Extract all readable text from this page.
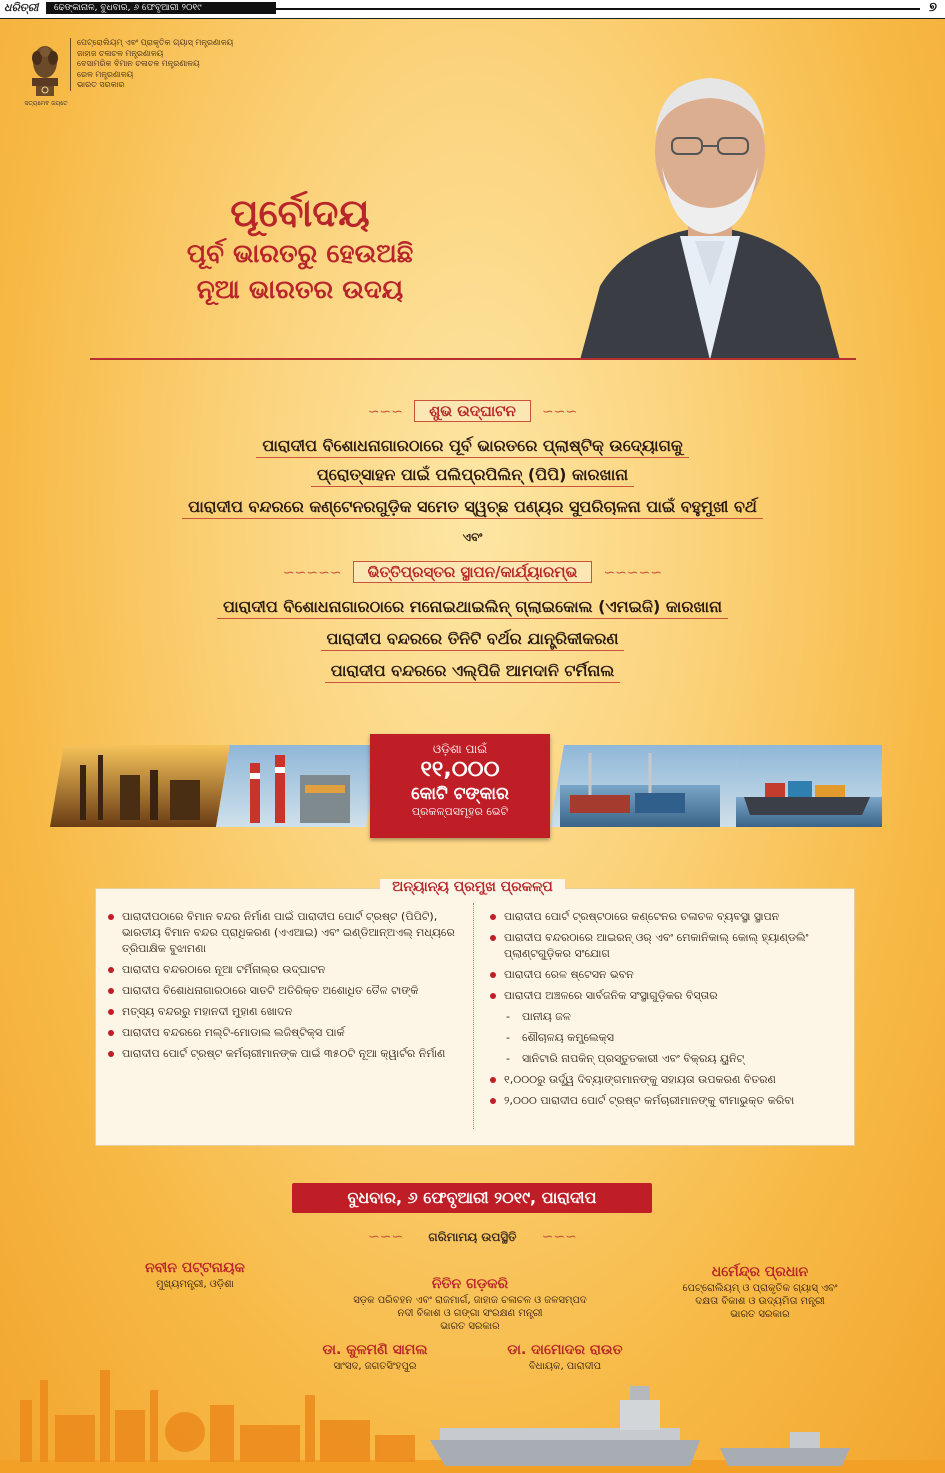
ଧରିତ୍ରୀ	ଢେଙ୍କାନାଳ, ବୁଧବାର, ୬ ଫେବୃଆରୀ ୨୦୧୯	୭
ସତ୍ୟମେବ ଜୟତେ
ପେଟ୍ରୋଲିୟମ୍ ଏବଂ ପ୍ରାକୃତିକ ଗ୍ୟାସ୍ ମନ୍ତ୍ରଣାଳୟ
ଜାହାଜ ଚଳାଚଳ ମନ୍ତ୍ରଣାଳୟ
ବେସାମରିକ ବିମାନ ଚଳାଚଳ ମନ୍ତ୍ରଣାଳୟ
ରେଳ ମନ୍ତ୍ରଣାଳୟ
ଭାରତ ସରକାର
ପୂର୍ବୋଦୟ
ପୂର୍ବ ଭାରତରୁ ହେଉଅଛି
ନୂଆ ଭାରତର ଉଦୟ
∽∽∽ ଶୁଭ ଉଦ୍‌ଘାଟନ ∽∽∽
ପାରାଦୀପ ବିଶୋଧନାଗାରଠାରେ ପୂର୍ବ ଭାରତରେ ପ୍ଲାଷ୍ଟିକ୍ ଉଦ୍ୟୋଗକୁ
ପ୍ରୋତ୍ସାହନ ପାଇଁ ପଲିପ୍ରପିଲିନ୍ (ପିପି) କାରଖାନା
ପାରାଦୀପ ବନ୍ଦରରେ କଣ୍ଟେନରଗୁଡ଼ିକ ସମେତ ସ୍ୱଚ୍ଛ ପଣ୍ୟର ସୁପରିଚାଳନା ପାଇଁ ବହୁମୁଖୀ ବର୍ଥ
ଏବଂ
∽∽∽∽∽ ଭିତ୍ତିପ୍ରସ୍ତର ସ୍ଥାପନ/କାର୍ଯ୍ୟାରମ୍ଭ ∽∽∽∽∽
ପାରାଦୀପ ବିଶୋଧନାଗାରଠାରେ ମନୋଇଥାଇଲିନ୍ ଗ୍ଲାଇକୋଲ (ଏମଇଜି) କାରଖାନା
ପାରାଦୀପ ବନ୍ଦରରେ ତିନିଟି ବର୍ଥର ଯାନ୍ତ୍ରିକୀକରଣ
ପାରାଦୀପ ବନ୍ଦରରେ ଏଲ୍‌ପିଜି ଆମଦାନି ଟର୍ମିନାଲ
ଓଡ଼ିଶା ପାଇଁ
୧୧,୦୦୦
କୋଟି ଟଙ୍କାର
ପ୍ରକଳ୍ପସମୂହର ଭେଟି
ପାରାଦୀପଠାରେ ବିମାନ ବନ୍ଦର ନିର୍ମାଣ ପାଇଁ ପାରାଦୀପ ପୋର୍ଟ ଟ୍ରଷ୍ଟ (ପିପିଟି), ଭାରତୀୟ ବିମାନ ବନ୍ଦର ପ୍ରାଧିକରଣ (ଏଏଆଇ) ଏବଂ ଇଣ୍ଡିଆନ୍‌ଅଏଲ୍ ମଧ୍ୟରେ ତ୍ରିପାକ୍ଷିକ ବୁଝାମଣା
ପାରାଦୀପ ବନ୍ଦରଠାରେ ନୂଆ ଟର୍ମିନାଲ୍‌ର ଉଦ୍‌ଘାଟନ
ପାରାଦୀପ ବିଶୋଧନାଗାରଠାରେ ସାତଟି ଅତିରିକ୍ତ ଅଶୋଧିତ ତୈଳ ଟାଙ୍କି
ମତ୍ସ୍ୟ ବନ୍ଦରରୁ ମହାନଦୀ ମୁହାଣ ଖୋଦନ
ପାରାଦୀପ ବନ୍ଦରରେ ମଲ୍ଟି-ମୋଡାଲ ଲଜିଷ୍ଟିକ୍ସ ପାର୍କ
ପାରାଦୀପ ପୋର୍ଟ ଟ୍ରଷ୍ଟ କର୍ମଚାରୀମାନଙ୍କ ପାଇଁ ୩୫୦ଟି ନୂଆ କ୍ୱାର୍ଟର ନିର୍ମାଣ
ପାରାଦୀପ ପୋର୍ଟ ଟ୍ରଷ୍ଟଠାରେ କଣ୍ଟେନର ଚଳାଚଳ ବ୍ୟବସ୍ଥା ସ୍ଥାପନ
ପାରାଦୀପ ବନ୍ଦରଠାରେ ଆଇରନ୍ ଓର୍ ଏବଂ ମେକାନିକାଲ୍ କୋଲ୍ ହ୍ୟାଣ୍ଡଲିଂ ପ୍ଲାଣ୍ଟଗୁଡ଼ିକର ସଂଯୋଗ
ପାରାଦୀପ ରେଳ ଷ୍ଟେସନ ଭବନ
ପାରାଦୀପ ଅଞ୍ଚଳରେ ସାର୍ବଜନିକ ସଂସ୍ଥାଗୁଡ଼ିକର ବିସ୍ତାର
- ପାନୀୟ ଜଳ
- ଶୌଚାଳୟ କମ୍ପ୍ଲେକ୍ସ
- ସାନିଟାରି ନାପକିନ୍ ପ୍ରସ୍ତୁତକାରୀ ଏବଂ ବିକ୍ରୟ ୟୁନିଟ୍
୧,୦୦୦ରୁ ଉର୍ଦ୍ଧ୍ୱ ଦିବ୍ୟାଙ୍ଗମାନଙ୍କୁ ସହାୟତା ଉପକରଣ ବିତରଣ
୨,୦୦୦ ପାରାଦୀପ ପୋର୍ଟ ଟ୍ରଷ୍ଟ କର୍ମଚାରୀମାନଙ୍କୁ ବୀମାଭୁକ୍ତ କରିବା
ଅନ୍ୟାନ୍ୟ ପ୍ରମୁଖ ପ୍ରକଳ୍ପ
ବୁଧବାର, ୬ ଫେବୃଆରୀ ୨୦୧୯, ପାରାଦୀପ
∽∽∽ ଗରିମାମୟ ଉପସ୍ଥିତି ∽∽∽
ନବୀନ ପଟ୍ଟନାୟକ
ମୁଖ୍ୟମନ୍ତ୍ରୀ, ଓଡ଼ିଶା	ନିତିନ ଗଡ଼କରି
ସଡ଼କ ପରିବହନ ଏବଂ ରାଜମାର୍ଗ, ଜାହାଜ ଚଳାଚଳ ଓ ଜଳସମ୍ପଦ
ନଦୀ ବିକାଶ ଓ ଗଙ୍ଗା ସଂରକ୍ଷଣ ମନ୍ତ୍ରୀ
ଭାରତ ସରକାର
ଧର୍ମେନ୍ଦ୍ର ପ୍ରଧାନ
ପେଟ୍ରୋଲିୟମ୍ ଓ ପ୍ରାକୃତିକ ଗ୍ୟାସ୍ ଏବଂ
ଦକ୍ଷତା ବିକାଶ ଓ ଉଦ୍ୟମିତା ମନ୍ତ୍ରୀ
ଭାରତ ସରକାର
ଡା. କୁଳମଣି ସାମଲ
ସାଂସଦ, ଜଗତସିଂହପୁର
ଡା. ଦାମୋଦର ରାଉତ
ବିଧାୟକ, ପାରାଦୀପ
